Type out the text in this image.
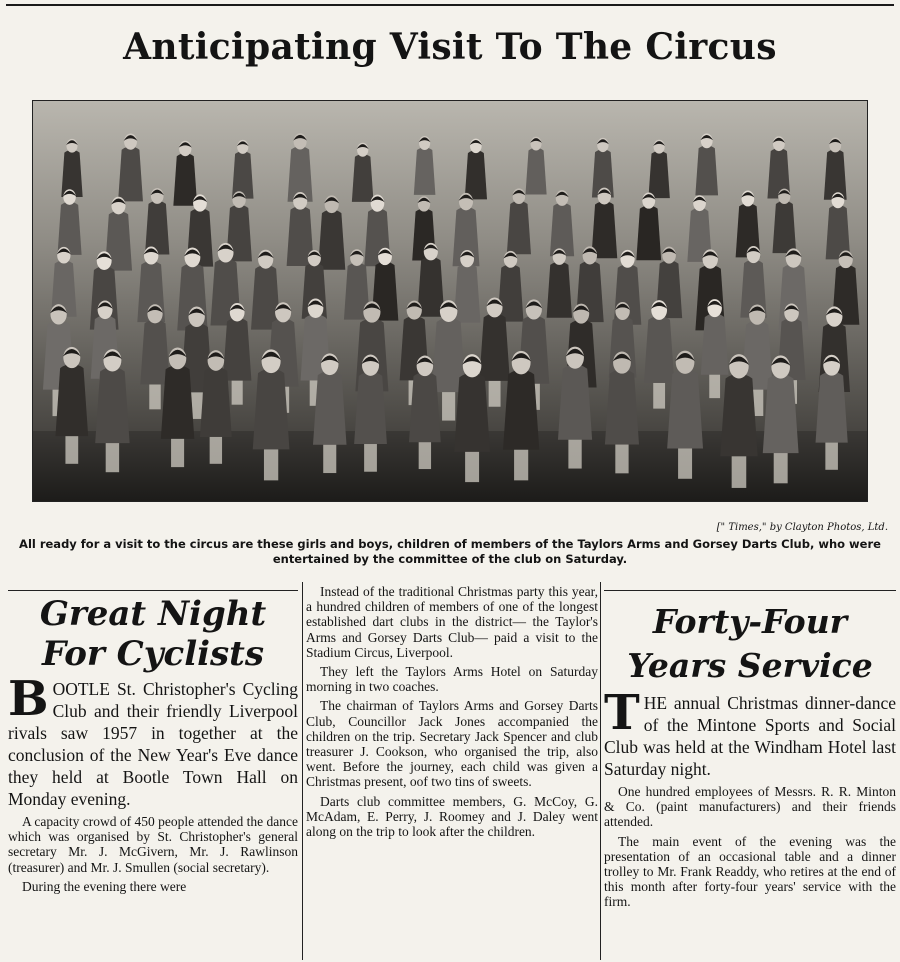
Anticipating Visit To The Circus
[" Times," by Clayton Photos, Ltd.
All ready for a visit to the circus are these girls and boys, children of members of the Taylors Arms and Gorsey Darts Club, who were entertained by the committee of the club on Saturday.
Great Night
For Cyclists

BOOTLE St. Christopher's Cycling Club and their friendly Liverpool rivals saw 1957 in together at the conclusion of the New Year's Eve dance they held at Bootle Town Hall on Monday evening.

A capacity crowd of 450 people attended the dance which was organised by St. Christopher's general secretary Mr. J. McGivern, Mr. J. Rawlinson (treasurer) and Mr. J. Smullen (social secretary).

During the evening there were

Instead of the traditional Christmas party this year, a hundred children of members of one of the longest established dart clubs in the district— the Taylor's Arms and Gorsey Darts Club— paid a visit to the Stadium Circus, Liverpool.

They left the Taylors Arms Hotel on Saturday morning in two coaches.

The chairman of Taylors Arms and Gorsey Darts Club, Councillor Jack Jones accompanied the children on the trip. Secretary Jack Spencer and club treasurer J. Cookson, who organised the trip, also went. Before the journey, each child was given a Christmas present, oof two tins of sweets.

Darts club committee members, G. McCoy, G. McAdam, E. Perry, J. Roomey and J. Daley went along on the trip to look after the children.

Forty-Four
Years Service

THE annual Christmas dinner-dance of the Mintone Sports and Social Club was held at the Windham Hotel last Saturday night.

One hundred employees of Messrs. R. R. Minton & Co. (paint manufacturers) and their friends attended.

The main event of the evening was the presentation of an occasional table and a dinner trolley to Mr. Frank Readdy, who retires at the end of this month after forty-four years' service with the firm.
